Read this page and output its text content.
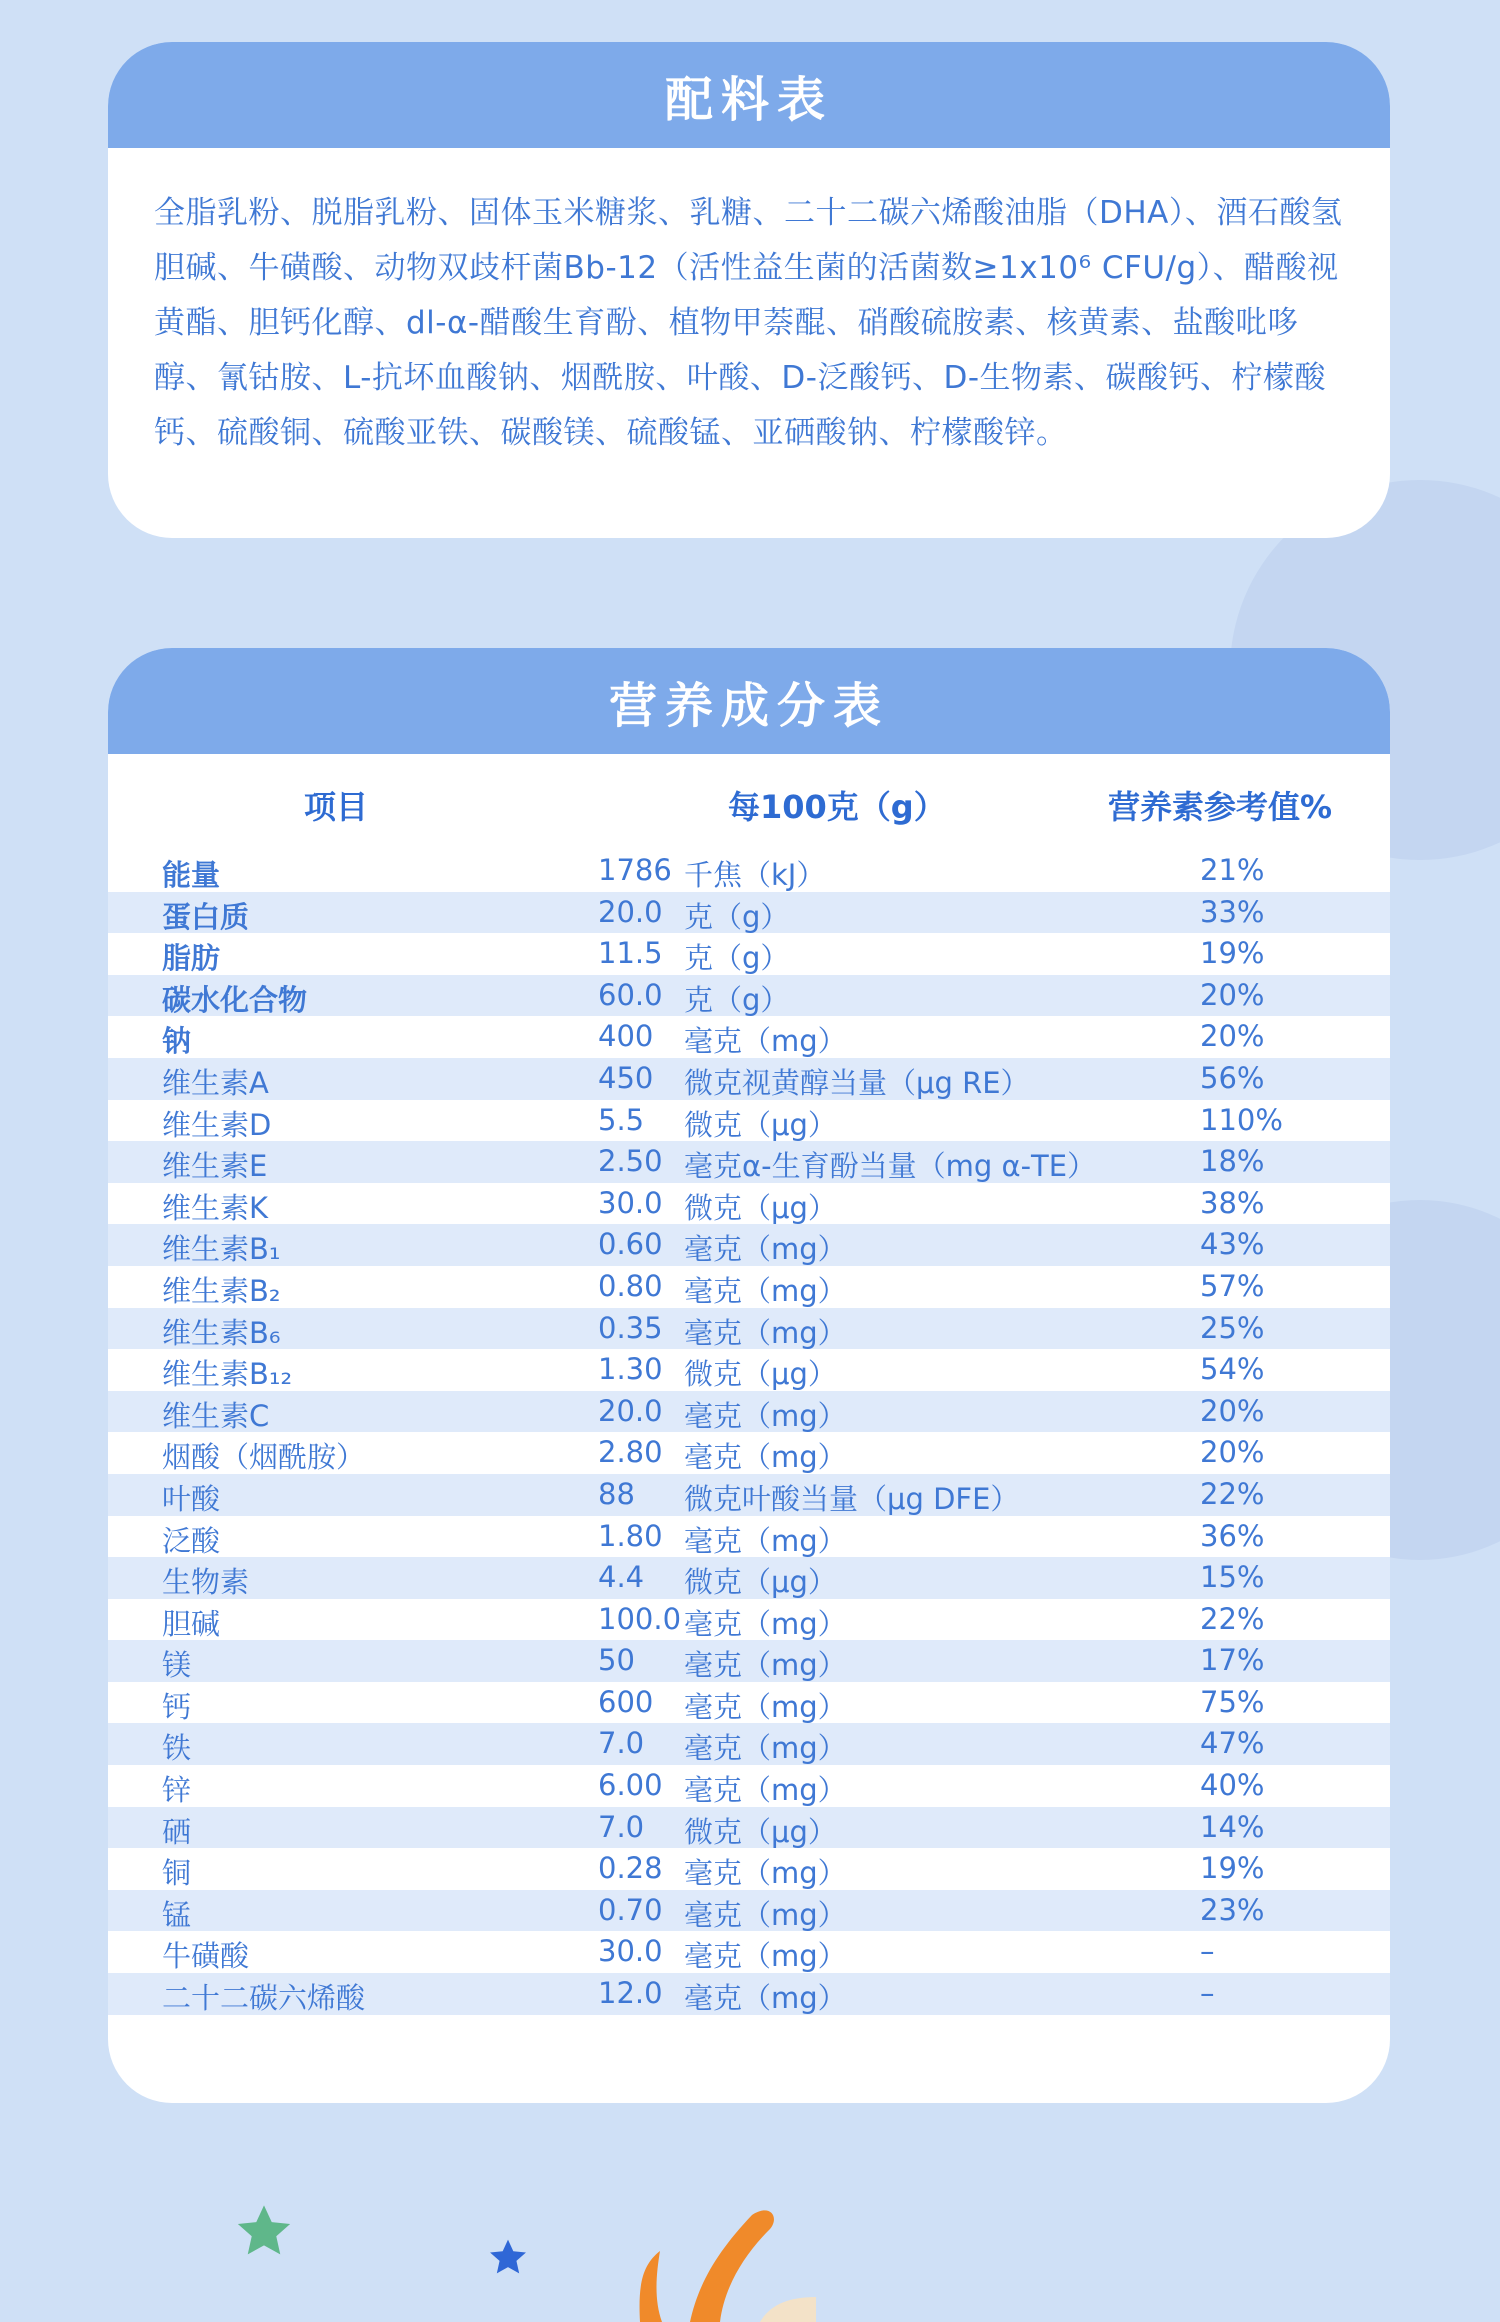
配料表
全脂乳粉、脱脂乳粉、固体玉米糖浆、乳糖、二十二碳六烯酸油脂（DHA）、酒石酸氢胆碱、牛磺酸、动物双歧杆菌Bb-12（活性益生菌的活菌数≥1x10⁶ CFU/g）、醋酸视黄酯、胆钙化醇、dl-α-醋酸生育酚、植物甲萘醌、硝酸硫胺素、核黄素、盐酸吡哆醇、氰钴胺、L-抗坏血酸钠、烟酰胺、叶酸、D-泛酸钙、D-生物素、碳酸钙、柠檬酸钙、硫酸铜、硫酸亚铁、碳酸镁、硫酸锰、亚硒酸钠、柠檬酸锌。
营养成分表
项目	每100克（g）	营养素参考值%
能量	1786 千焦（kJ）	21%
蛋白质	20.0 克（g）	33%
脂肪	11.5 克（g）	19%
碳水化合物	60.0 克（g）	20%
钠	400 毫克（mg）	20%
维生素A	450 微克视黄醇当量（μg RE）	56%
维生素D	5.5 微克（μg）	110%
维生素E	2.50 毫克α-生育酚当量（mg α-TE）	18%
维生素K	30.0 微克（μg）	38%
维生素B₁	0.60 毫克（mg）	43%
维生素B₂	0.80 毫克（mg）	57%
维生素B₆	0.35 毫克（mg）	25%
维生素B₁₂	1.30 微克（μg）	54%
维生素C	20.0 毫克（mg）	20%
烟酸（烟酰胺）	2.80 毫克（mg）	20%
叶酸	88 微克叶酸当量（μg DFE）	22%
泛酸	1.80 毫克（mg）	36%
生物素	4.4 微克（μg）	15%
胆碱	100.0 毫克（mg）	22%
镁	50 毫克（mg）	17%
钙	600 毫克（mg）	75%
铁	7.0 毫克（mg）	47%
锌	6.00 毫克（mg）	40%
硒	7.0 微克（μg）	14%
铜	0.28 毫克（mg）	19%
锰	0.70 毫克（mg）	23%
牛磺酸	30.0 毫克（mg）	–
二十二碳六烯酸	12.0 毫克（mg）	–
